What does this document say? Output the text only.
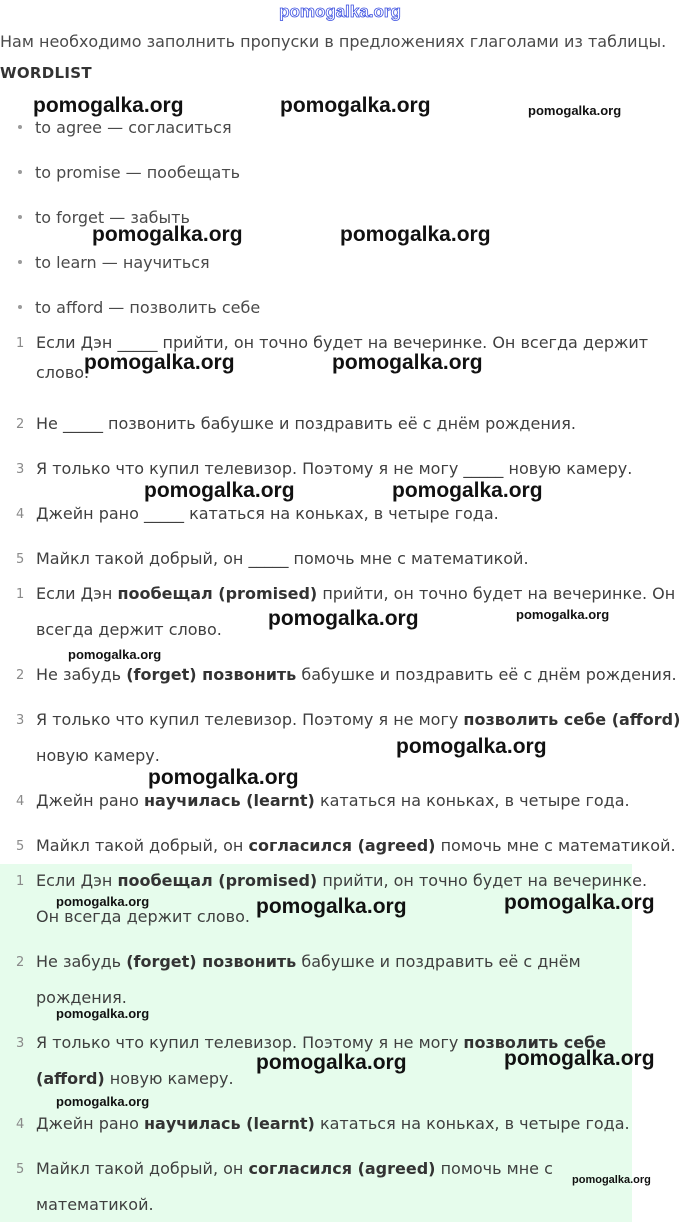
pomogalka.org
Нам необходимо заполнить пропуски в предложениях глаголами из таблицы.
WORDLIST
to agree — согласиться
to promise — пообещать
to forget — забыть
to learn — научиться
to afford — позволить себе
1 Если Дэн _____ прийти, он точно будет на вечеринке. Он всегда держит
слово.
2 Не _____ позвонить бабушке и поздравить её с днём рождения.
3 Я только что купил телевизор. Поэтому я не могу _____ новую камеру.
4 Джейн рано _____ кататься на коньках, в четыре года.
5 Майкл такой добрый, он _____ помочь мне с математикой.
1 Если Дэн пообещал (promised) прийти, он точно будет на вечеринке. Он
всегда держит слово.
2 Не забудь (forget) позвонить бабушке и поздравить её с днём рождения.
3 Я только что купил телевизор. Поэтому я не могу позволить себе (afford)
новую камеру.
4 Джейн рано научилась (learnt) кататься на коньках, в четыре года.
5 Майкл такой добрый, он согласился (agreed) помочь мне с математикой.
1 Если Дэн пообещал (promised) прийти, он точно будет на вечеринке.
Он всегда держит слово.
2 Не забудь (forget) позвонить бабушке и поздравить её с днём
рождения.
3 Я только что купил телевизор. Поэтому я не могу позволить себе
(afford) новую камеру.
4 Джейн рано научилась (learnt) кататься на коньках, в четыре года.
5 Майкл такой добрый, он согласился (agreed) помочь мне с
математикой.
pomogalka.org	pomogalka.org	pomogalka.org
pomogalka.org	pomogalka.org
pomogalka.org	pomogalka.org
pomogalka.org	pomogalka.org
pomogalka.org	pomogalka.org
pomogalka.org
pomogalka.org
pomogalka.org
pomogalka.org	pomogalka.org	pomogalka.org
pomogalka.org
pomogalka.org	pomogalka.org
pomogalka.org
pomogalka.org
